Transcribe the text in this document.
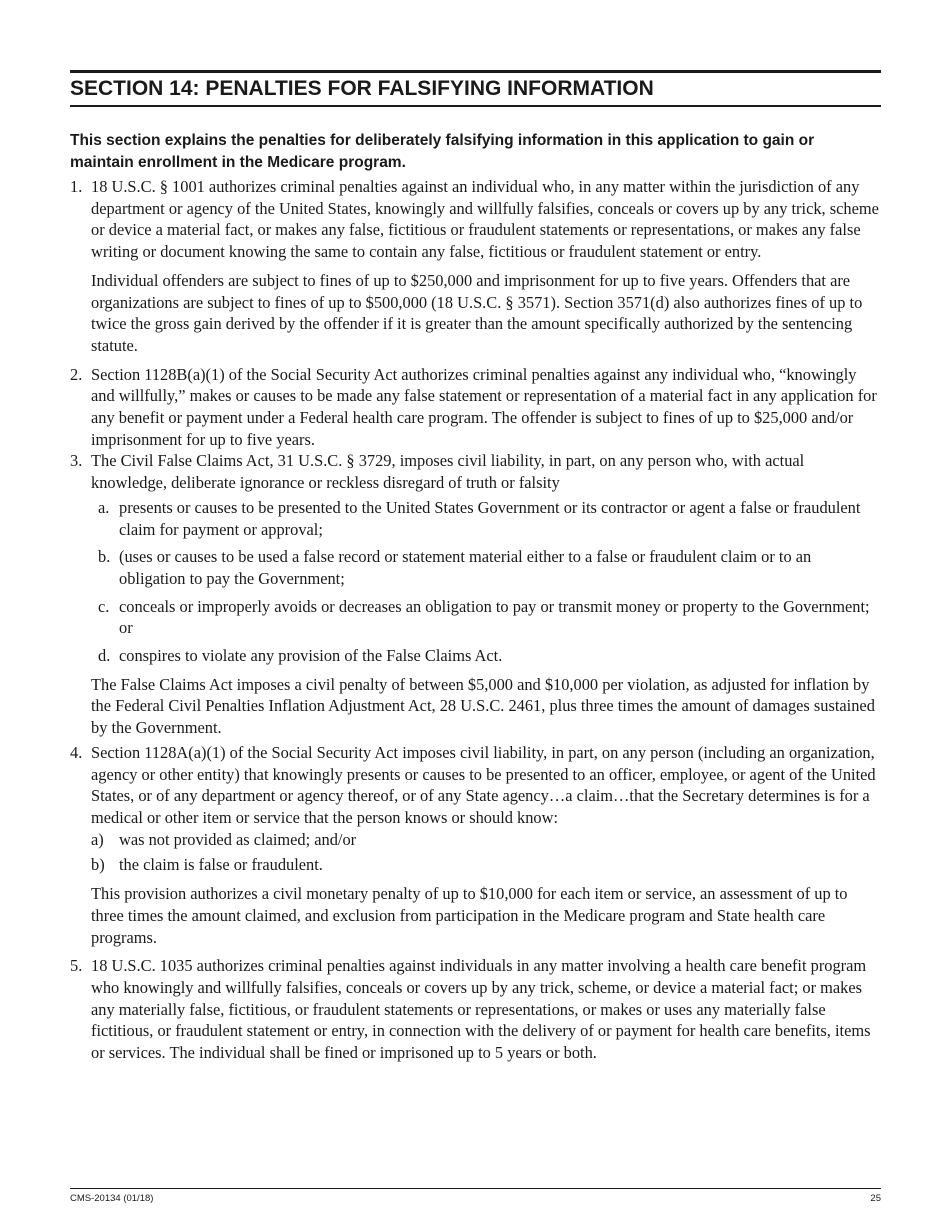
SECTION 14: PENALTIES FOR FALSIFYING INFORMATION
This section explains the penalties for deliberately falsifying information in this application to gain or maintain enrollment in the Medicare program.
1. 18 U.S.C. § 1001 authorizes criminal penalties against an individual who, in any matter within the jurisdiction of any department or agency of the United States, knowingly and willfully falsifies, conceals or covers up by any trick, scheme or device a material fact, or makes any false, fictitious or fraudulent statements or representations, or makes any false writing or document knowing the same to contain any false, fictitious or fraudulent statement or entry.

Individual offenders are subject to fines of up to $250,000 and imprisonment for up to five years. Offenders that are organizations are subject to fines of up to $500,000 (18 U.S.C. § 3571). Section 3571(d) also authorizes fines of up to twice the gross gain derived by the offender if it is greater than the amount specifically authorized by the sentencing statute.

2. Section 1128B(a)(1) of the Social Security Act authorizes criminal penalties against any individual who, “knowingly and willfully,” makes or causes to be made any false statement or representation of a material fact in any application for any benefit or payment under a Federal health care program. The offender is subject to fines of up to $25,000 and/or imprisonment for up to five years.

3. The Civil False Claims Act, 31 U.S.C. § 3729, imposes civil liability, in part, on any person who, with actual knowledge, deliberate ignorance or reckless disregard of truth or falsity

a. presents or causes to be presented to the United States Government or its contractor or agent a false or fraudulent claim for payment or approval;

b. (uses or causes to be used a false record or statement material either to a false or fraudulent claim or to an obligation to pay the Government;

c. conceals or improperly avoids or decreases an obligation to pay or transmit money or property to the Government; or

d. conspires to violate any provision of the False Claims Act.

The False Claims Act imposes a civil penalty of between $5,000 and $10,000 per violation, as adjusted for inflation by the Federal Civil Penalties Inflation Adjustment Act, 28 U.S.C. 2461, plus three times the amount of damages sustained by the Government.

4. Section 1128A(a)(1) of the Social Security Act imposes civil liability, in part, on any person (including an organization, agency or other entity) that knowingly presents or causes to be presented to an officer, employee, or agent of the United States, or of any department or agency thereof, or of any State agency…a claim…that the Secretary determines is for a medical or other item or service that the person knows or should know:

a) was not provided as claimed; and/or

b) the claim is false or fraudulent.

This provision authorizes a civil monetary penalty of up to $10,000 for each item or service, an assessment of up to three times the amount claimed, and exclusion from participation in the Medicare program and State health care programs.

5. 18 U.S.C. 1035 authorizes criminal penalties against individuals in any matter involving a health care benefit program who knowingly and willfully falsifies, conceals or covers up by any trick, scheme, or device a material fact; or makes any materially false, fictitious, or fraudulent statements or representations, or makes or uses any materially false fictitious, or fraudulent statement or entry, in connection with the delivery of or payment for health care benefits, items or services. The individual shall be fined or imprisoned up to 5 years or both.

CMS-20134 (01/18)	25
